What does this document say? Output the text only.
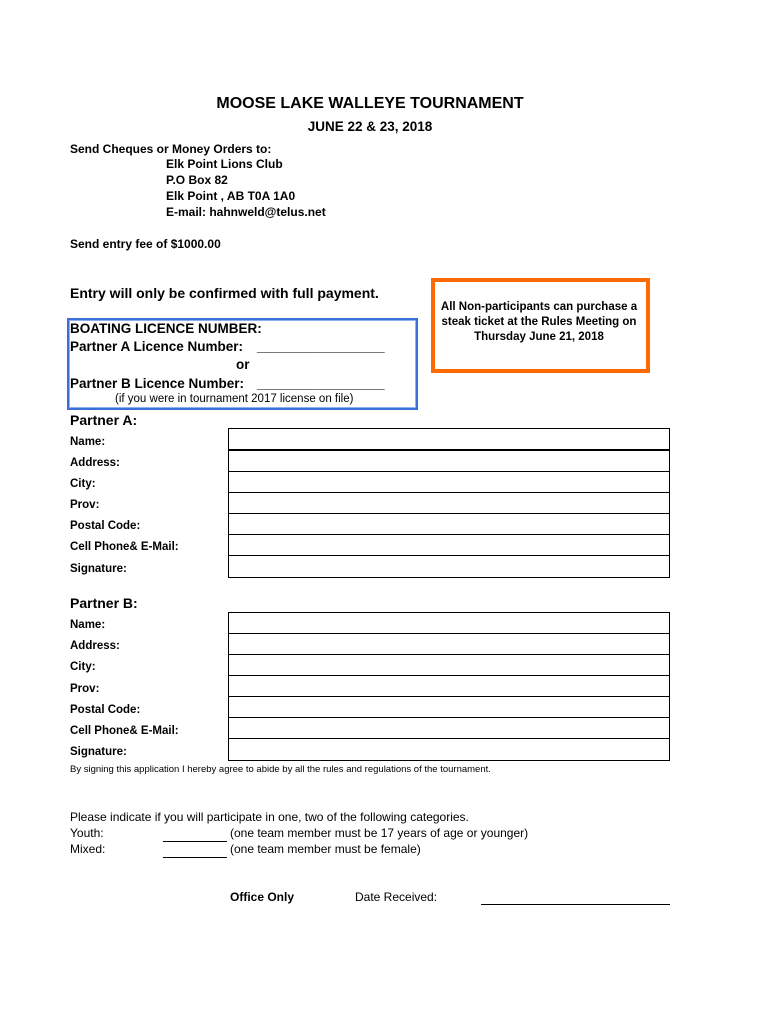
MOOSE LAKE WALLEYE TOURNAMENT
JUNE 22 & 23, 2018
Send Cheques or Money Orders to:
Elk Point Lions Club
P.O Box 82
Elk Point , AB T0A 1A0
E-mail: hahnweld@telus.net
Send entry fee of $1000.00
Entry will only be confirmed with full payment.
All Non-participants can purchase a steak ticket at the Rules Meeting on Thursday June 21, 2018
BOATING LICENCE NUMBER:
Partner A Licence Number: _________________
or
Partner B Licence Number: _________________
(if you were in tournament 2017 license on file)
Partner A:
Name:
Address:
City:
Prov:
Postal Code:
Cell Phone& E-Mail:
Signature:
Partner B:
Name:
Address:
City:
Prov:
Postal Code:
Cell Phone& E-Mail:
Signature:
By signing this application I hereby agree to abide by all the rules and regulations of the tournament.
Please indicate if you will participate in one, two of the following categories.
Youth:	(one team member must be 17 years of age or younger)
Mixed:	(one team member must be female)
Office Only	Date Received:
